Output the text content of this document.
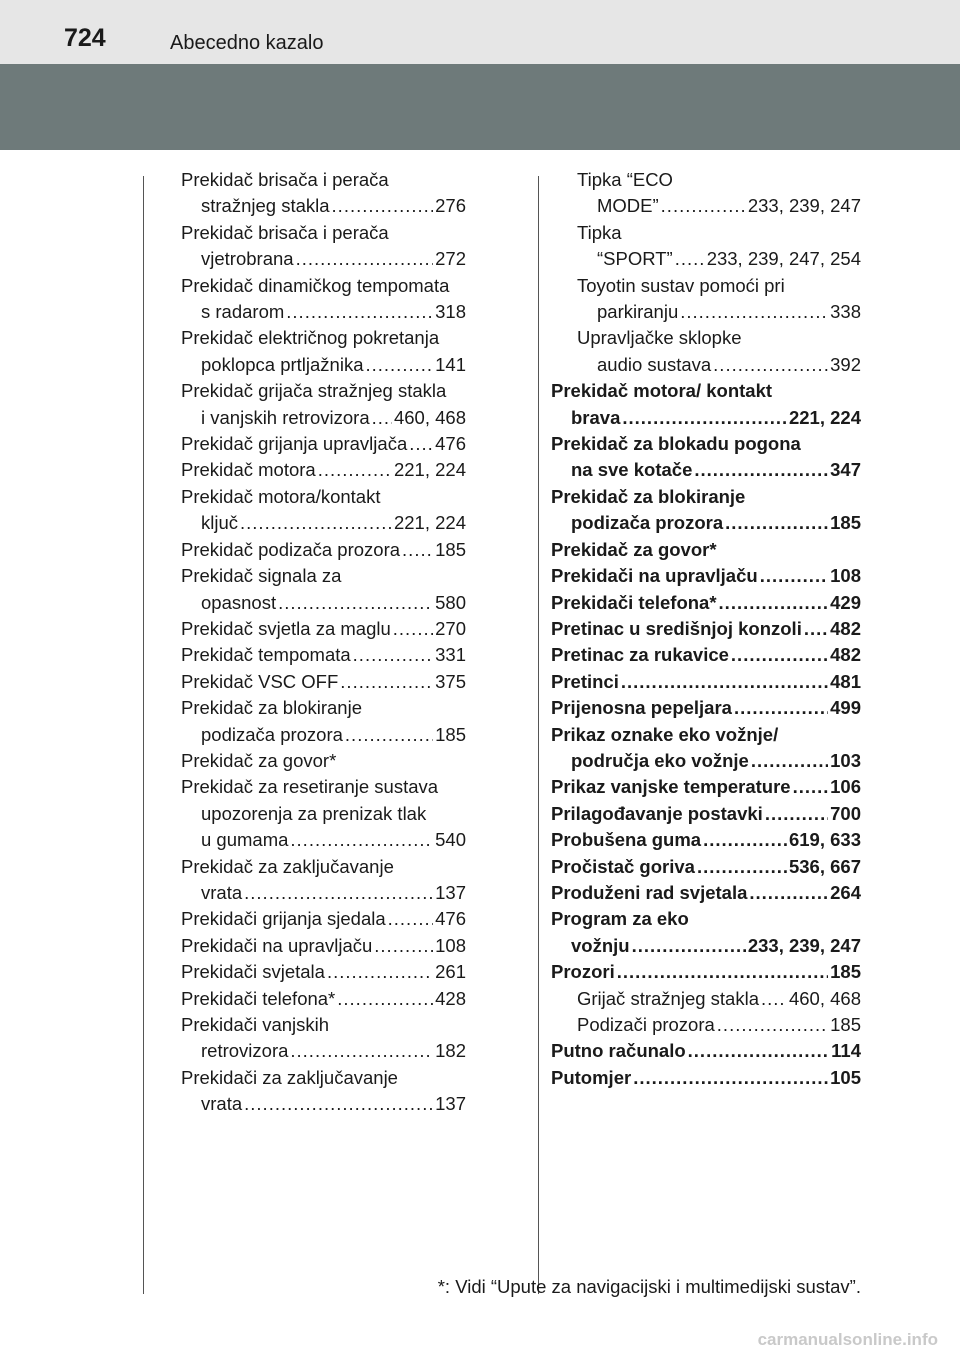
724	Abecedno kazalo
Prekidač brisača i perača
stražnjeg stakla .....	276
Prekidač brisača i perača
vjetrobrana .....	272
Prekidač dinamičkog tempomata
s radarom .....	318
Prekidač električnog pokretanja
poklopca prtljažnika .....	141
Prekidač grijača stražnjeg stakla
i vanjskih retrovizora ..... 460, 468
Prekidač grijanja upravljača ..... 476
Prekidač motora .....	221, 224
Prekidač motora/kontakt
ključ .....	221, 224
Prekidač podizača prozora ..... 185
Prekidač signala za
opasnost .....	580
Prekidač svjetla za maglu ..... 270
Prekidač tempomata .....	331
Prekidač VSC OFF .....	375
Prekidač za blokiranje
podizača prozora .....	185
Prekidač za govor*
Prekidač za resetiranje sustava
upozorenja za prenizak tlak
u gumama .....	540
Prekidač za zaključavanje
vrata .....	137
Prekidači grijanja sjedala .....	476
Prekidači na upravljaču .....	108
Prekidači svjetala .....	261
Prekidači telefona* .....	428
Prekidači vanjskih
retrovizora .....	182
Prekidači za zaključavanje
vrata .....	137
Tipka “ECO
MODE” .....	233, 239, 247
Tipka
“SPORT” ..... 233, 239, 247, 254
Toyotin sustav pomoći pri
parkiranju .....	338
Upravljačke sklopke
audio sustava .....	392
Prekidač motora/ kontakt
brava .....	221, 224
Prekidač za blokadu pogona
na sve kotače .....	347
Prekidač za blokiranje
podizača prozora .....	185
Prekidač za govor*
Prekidači na upravljaču .....	108
Prekidači telefona* .....	429
Pretinac u središnjoj konzoli ..... 482
Pretinac za rukavice .....	482
Pretinci .....	481
Prijenosna pepeljara .....	499
Prikaz oznake eko vožnje/
područja eko vožnje .....	103
Prikaz vanjske temperature ..... 106
Prilagođavanje postavki .....	700
Probušena guma .....	619, 633
Pročistač goriva .....	536, 667
Produženi rad svjetala .....	264
Program za eko
vožnju .....	233, 239, 247
Prozori .....	185
Grijač stražnjeg stakla ..... 460, 468
Podizači prozora .....	185
Putno računalo .....	114
Putomjer .....	105
*: Vidi “Upute za navigacijski i multimedijski sustav”.
carmanualsonline.info
